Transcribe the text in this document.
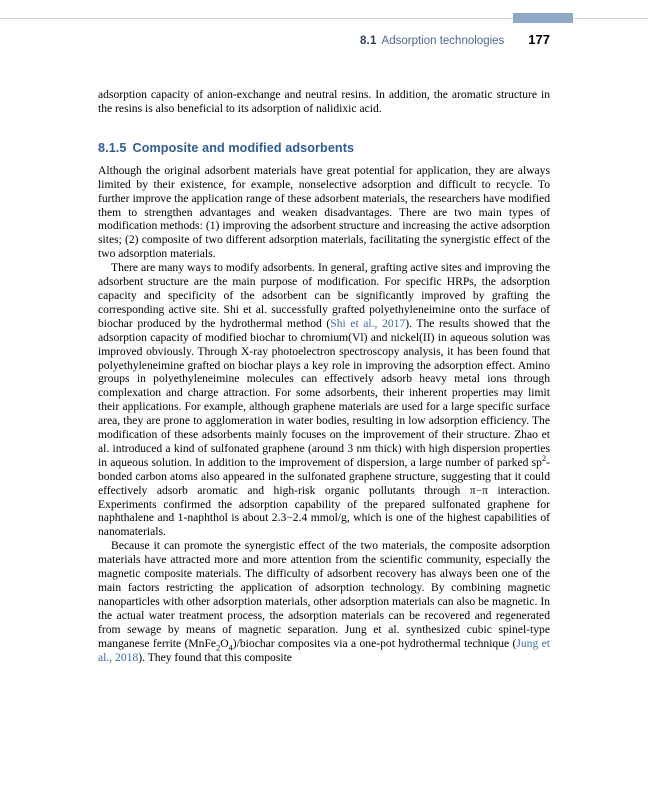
8.1 Adsorption technologies 177

adsorption capacity of anion-exchange and neutral resins. In addition, the aromatic structure in the resins is also beneficial to its adsorption of nalidixic acid.

8.1.5 Composite and modified adsorbents

Although the original adsorbent materials have great potential for application, they are always limited by their existence, for example, nonselective adsorption and difficult to recycle. To further improve the application range of these adsorbent materials, the researchers have modified them to strengthen advantages and weaken disadvantages. There are two main types of modification methods: (1) improving the adsorbent structure and increasing the active adsorption sites; (2) composite of two different adsorption materials, facilitating the synergistic effect of the two adsorption materials.

There are many ways to modify adsorbents. In general, grafting active sites and improving the adsorbent structure are the main purpose of modification. For specific HRPs, the adsorption capacity and specificity of the adsorbent can be significantly improved by grafting the corresponding active site. Shi et al. successfully grafted polyethyleneimine onto the surface of biochar produced by the hydrothermal method (Shi et al., 2017). The results showed that the adsorption capacity of modified biochar to chromium(Vl) and nickel(II) in aqueous solution was improved obviously. Through X-ray photoelectron spectroscopy analysis, it has been found that polyethyleneimine grafted on biochar plays a key role in improving the adsorption effect. Amino groups in polyethyleneimine molecules can effectively adsorb heavy metal ions through complexation and charge attraction. For some adsorbents, their inherent properties may limit their applications. For example, although graphene materials are used for a large specific surface area, they are prone to agglomeration in water bodies, resulting in low adsorption efficiency. The modification of these adsorbents mainly focuses on the improvement of their structure. Zhao et al. introduced a kind of sulfonated graphene (around 3 nm thick) with high dispersion properties in aqueous solution. In addition to the improvement of dispersion, a large number of parked $sp^2$-bonded carbon atoms also appeared in the sulfonated graphene structure, suggesting that it could effectively adsorb aromatic and high-risk organic pollutants through π−π interaction. Experiments confirmed the adsorption capability of the prepared sulfonated graphene for naphthalene and 1-naphthol is about 2.3−2.4 mmol/g, which is one of the highest capabilities of nanomaterials.

Because it can promote the synergistic effect of the two materials, the composite adsorption materials have attracted more and more attention from the scientific community, especially the magnetic composite materials. The difficulty of adsorbent recovery has always been one of the main factors restricting the application of adsorption technology. By combining magnetic nanoparticles with other adsorption materials, other adsorption materials can also be magnetic. In the actual water treatment process, the adsorption materials can be recovered and regenerated from sewage by means of magnetic separation. Jung et al. synthesized cubic spinel-type manganese ferrite $(MnFe_2O_4)$/biochar composites via a one-pot hydrothermal technique (Jung et al., 2018). They found that this composite
